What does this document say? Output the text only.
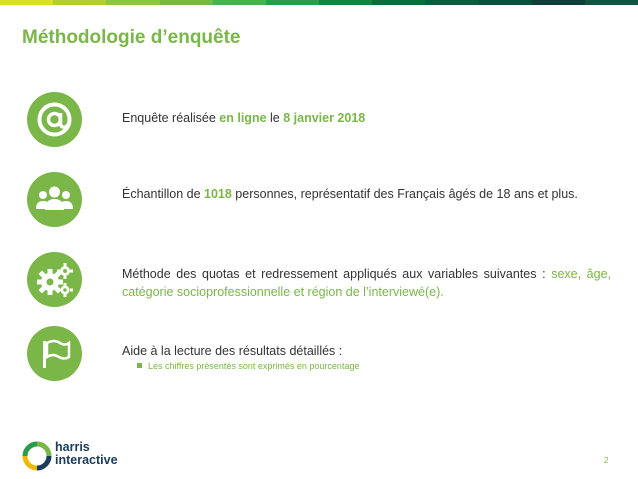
Méthodologie d’enquête
Enquête réalisée en ligne le 8 janvier 2018
Échantillon de 1018 personnes, représentatif des Français âgés de 18 ans et plus.
Méthode des quotas et redressement appliqués aux variables suivantes : sexe, âge, catégorie socioprofessionnelle et région de l’interviewé(e).
Aide à la lecture des résultats détaillés :
Les chiffres présentés sont exprimés en pourcentage
harris
interactive	2
